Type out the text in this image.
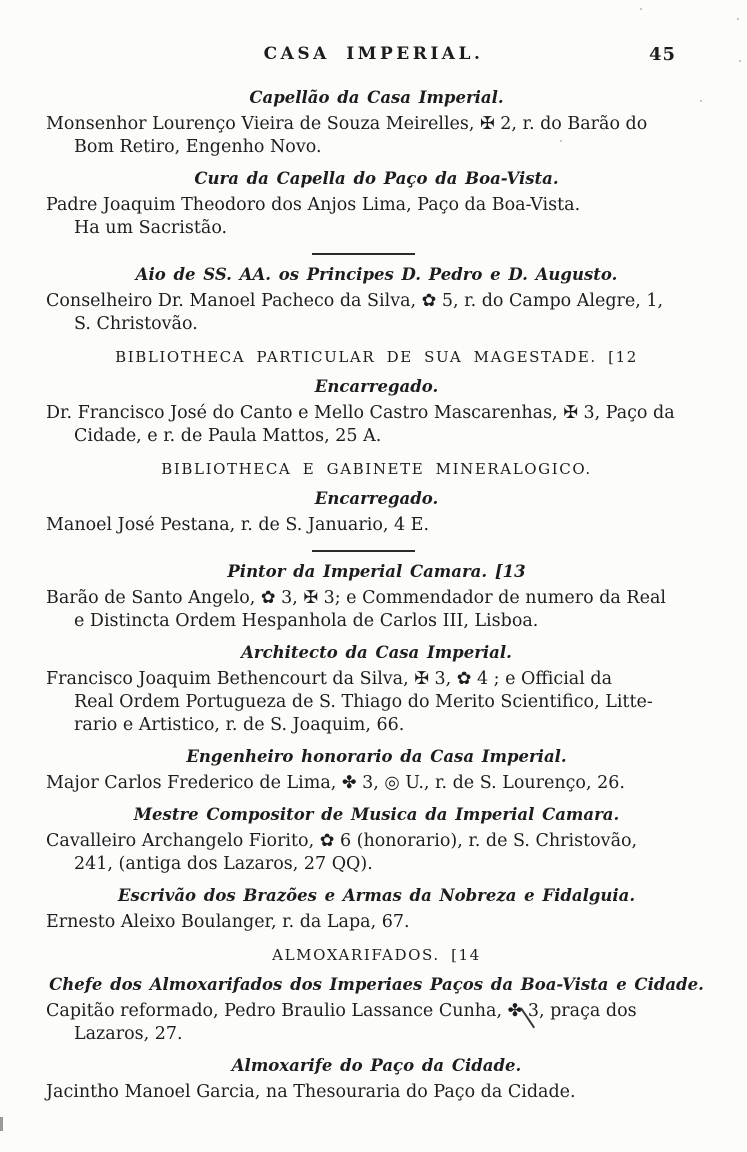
CASA IMPERIAL.	45
Capellão da Casa Imperial.
Monsenhor Lourenço Vieira de Souza Meirelles, ✠ 2, r. do Barão do
Bom Retiro, Engenho Novo.
Cura da Capella do Paço da Boa-Vista.
Padre Joaquim Theodoro dos Anjos Lima, Paço da Boa-Vista.
Ha um Sacristão.
Aio de SS. AA. os Principes D. Pedro e D. Augusto.
Conselheiro Dr. Manoel Pacheco da Silva, ✿ 5, r. do Campo Alegre, 1,
S. Christovão.
BIBLIOTHECA PARTICULAR DE SUA MAGESTADE. [12
Encarregado.
Dr. Francisco José do Canto e Mello Castro Mascarenhas, ✠ 3, Paço da
Cidade, e r. de Paula Mattos, 25 A.
BIBLIOTHECA E GABINETE MINERALOGICO.
Encarregado.
Manoel José Pestana, r. de S. Januario, 4 E.
Pintor da Imperial Camara. [13
Barão de Santo Angelo, ✿ 3, ✠ 3; e Commendador de numero da Real
e Distincta Ordem Hespanhola de Carlos III, Lisboa.
Architecto da Casa Imperial.
Francisco Joaquim Bethencourt da Silva, ✠ 3, ✿ 4 ; e Official da
Real Ordem Portugueza de S. Thiago do Merito Scientifico, Litte-
rario e Artistico, r. de S. Joaquim, 66.
Engenheiro honorario da Casa Imperial.
Major Carlos Frederico de Lima, ✤ 3, ◎ U., r. de S. Lourenço, 26.
Mestre Compositor de Musica da Imperial Camara.
Cavalleiro Archangelo Fiorito, ✿ 6 (honorario), r. de S. Christovão,
241, (antiga dos Lazaros, 27 QQ).
Escrivão dos Brazões e Armas da Nobreza e Fidalguia.
Ernesto Aleixo Boulanger, r. da Lapa, 67.
ALMOXARIFADOS. [14
Chefe dos Almoxarifados dos Imperiaes Paços da Boa-Vista e Cidade.
Capitão reformado, Pedro Braulio Lassance Cunha, ✤ 3, praça dos
Lazaros, 27.
Almoxarife do Paço da Cidade.
Jacintho Manoel Garcia, na Thesouraria do Paço da Cidade.
